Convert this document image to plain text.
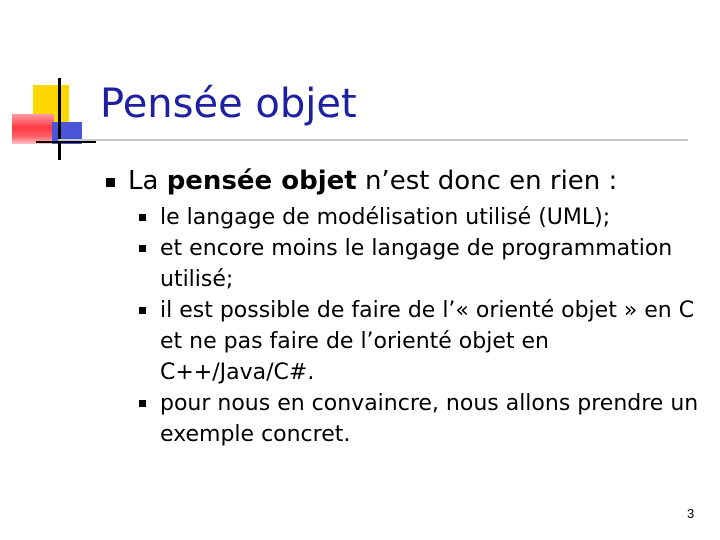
Pensée objet
La pensée objet n’est donc en rien :
le langage de modélisation utilisé (UML);
et encore moins le langage de programmation utilisé;
il est possible de faire de l’« orienté objet » en C et ne pas faire de l’orienté objet en C++/Java/C#.
pour nous en convaincre, nous allons prendre un exemple concret.
3
